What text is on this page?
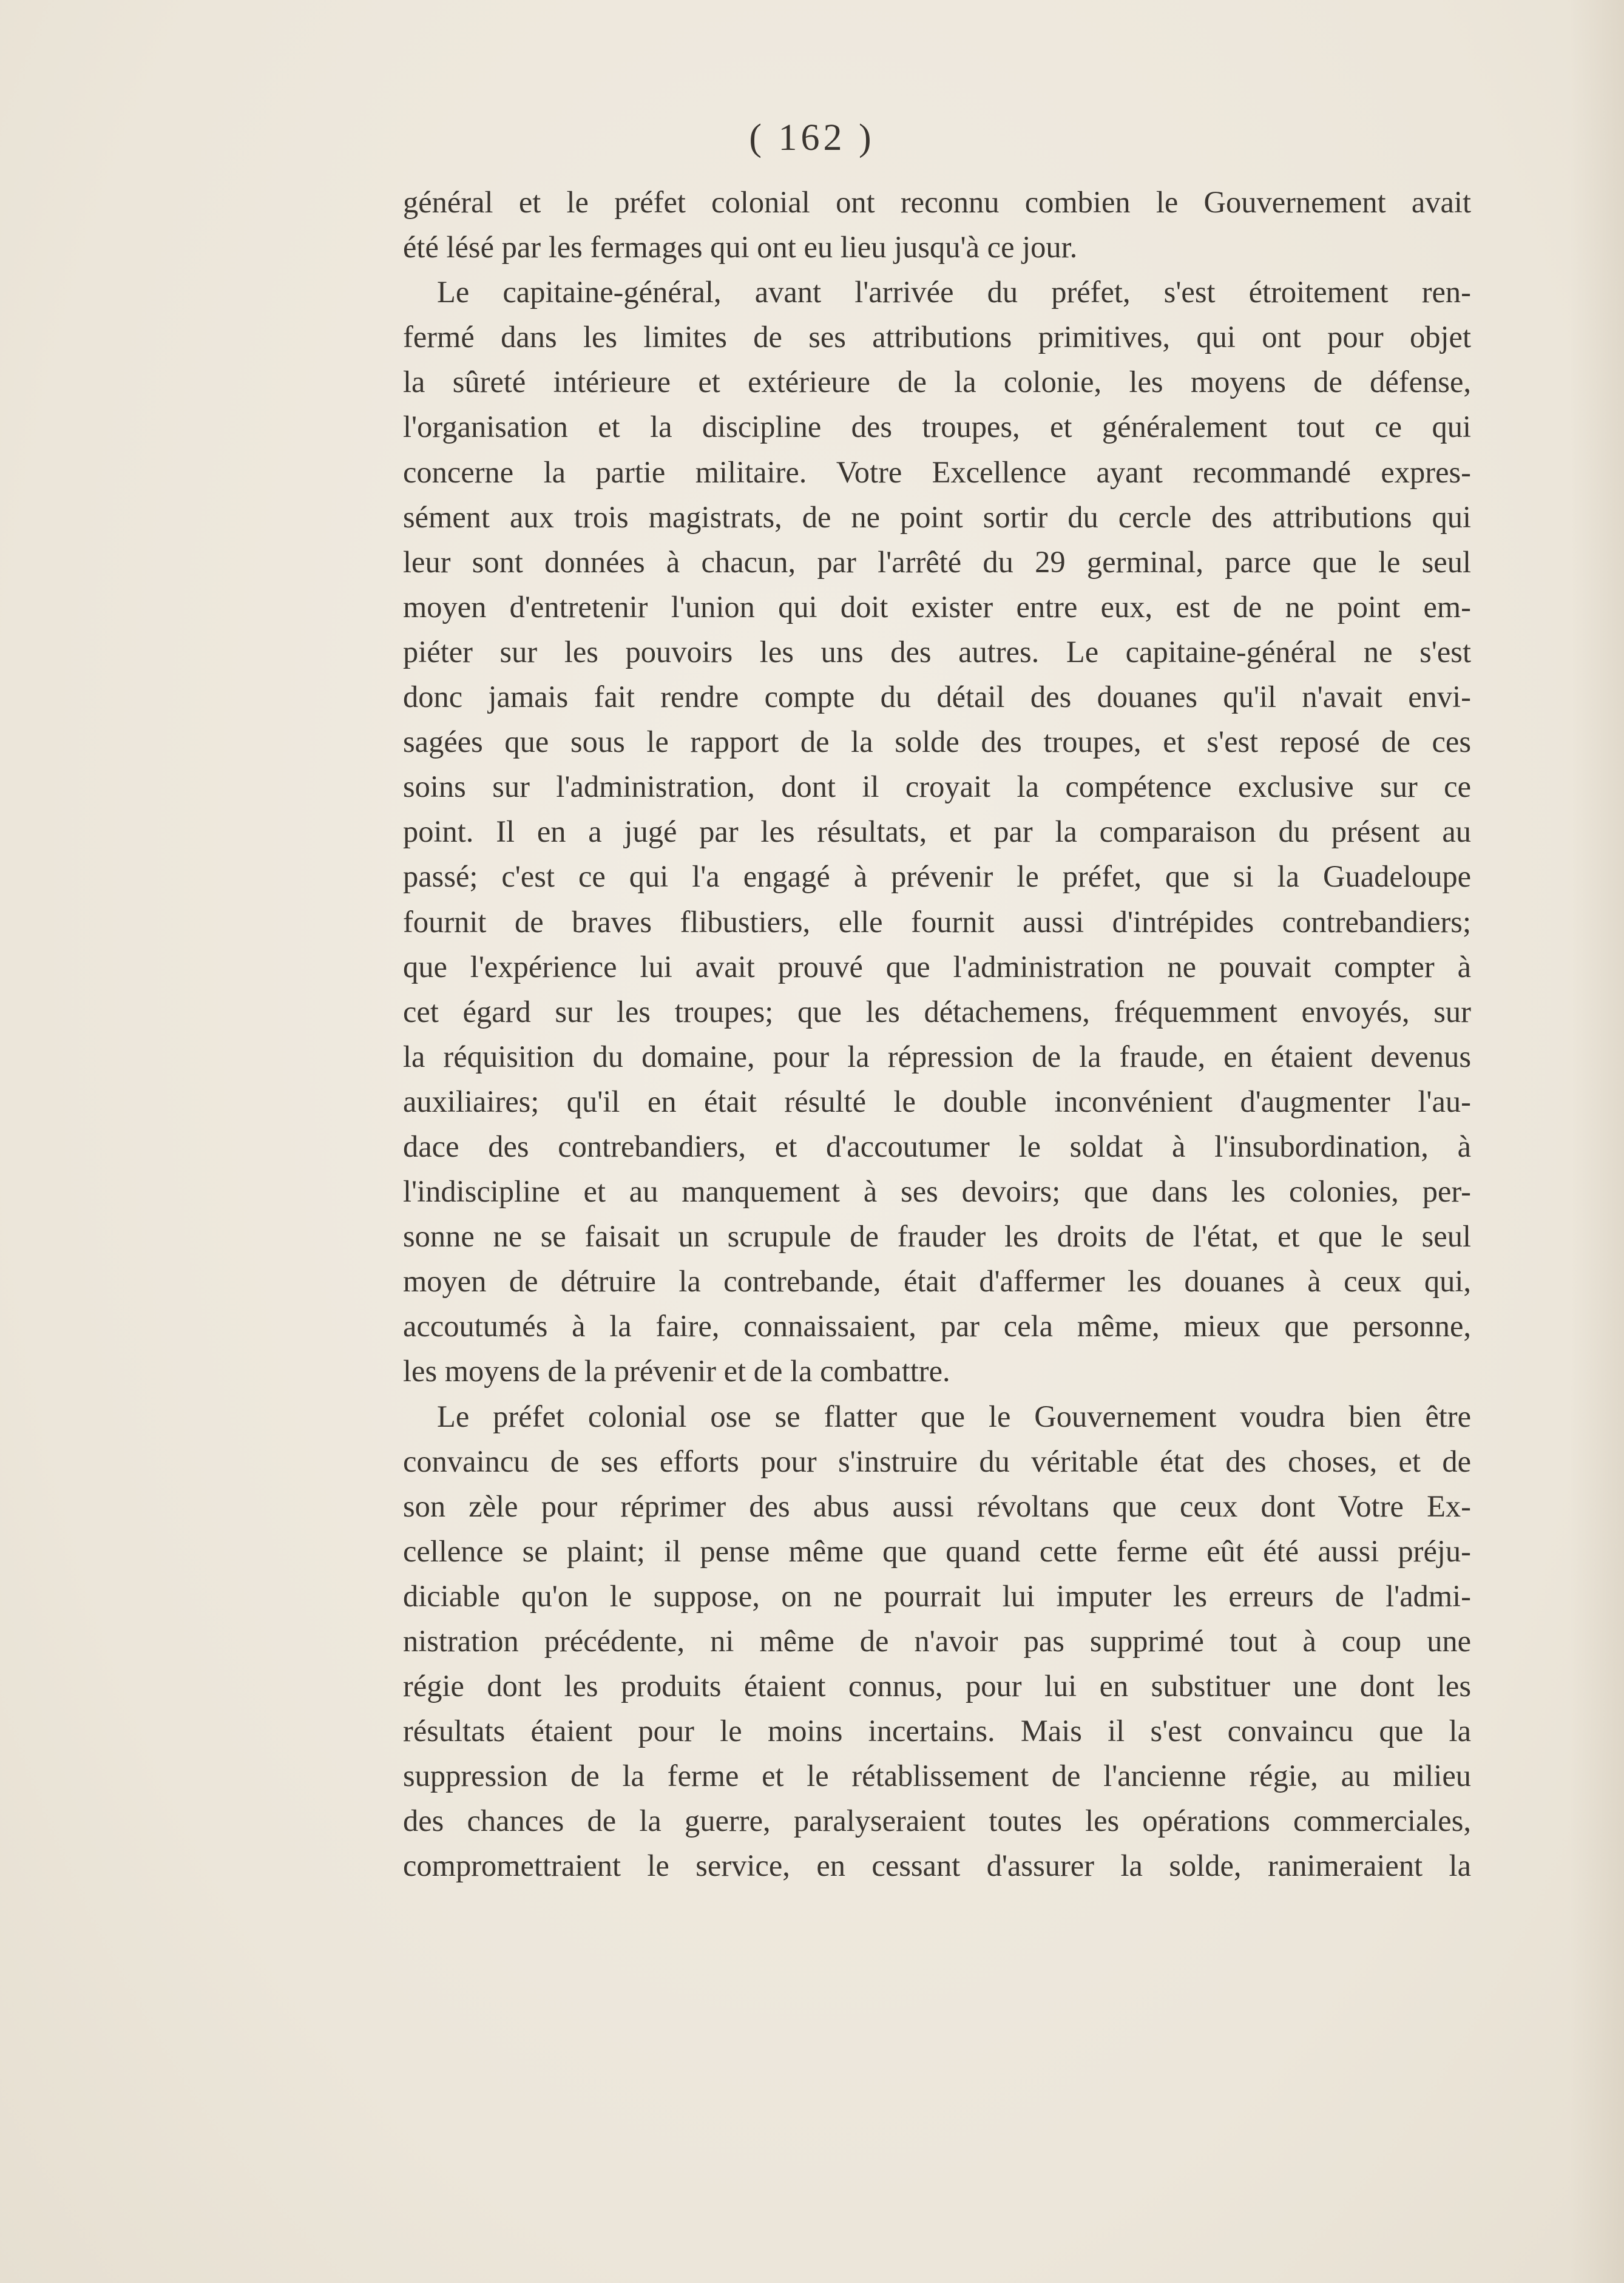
( 162 )
général et le préfet colonial ont reconnu combien le Gouvernement avait
été lésé par les fermages qui ont eu lieu jusqu'à ce jour.
Le capitaine-général, avant l'arrivée du préfet, s'est étroitement ren-
fermé dans les limites de ses attributions primitives, qui ont pour objet
la sûreté intérieure et extérieure de la colonie, les moyens de défense,
l'organisation et la discipline des troupes, et généralement tout ce qui
concerne la partie militaire. Votre Excellence ayant recommandé expres-
sément aux trois magistrats, de ne point sortir du cercle des attributions qui
leur sont données à chacun, par l'arrêté du 29 germinal, parce que le seul
moyen d'entretenir l'union qui doit exister entre eux, est de ne point em-
piéter sur les pouvoirs les uns des autres. Le capitaine-général ne s'est
donc jamais fait rendre compte du détail des douanes qu'il n'avait envi-
sagées que sous le rapport de la solde des troupes, et s'est reposé de ces
soins sur l'administration, dont il croyait la compétence exclusive sur ce
point. Il en a jugé par les résultats, et par la comparaison du présent au
passé; c'est ce qui l'a engagé à prévenir le préfet, que si la Guadeloupe
fournit de braves flibustiers, elle fournit aussi d'intrépides contrebandiers;
que l'expérience lui avait prouvé que l'administration ne pouvait compter à
cet égard sur les troupes; que les détachemens, fréquemment envoyés, sur
la réquisition du domaine, pour la répression de la fraude, en étaient devenus
auxiliaires; qu'il en était résulté le double inconvénient d'augmenter l'au-
dace des contrebandiers, et d'accoutumer le soldat à l'insubordination, à
l'indiscipline et au manquement à ses devoirs; que dans les colonies, per-
sonne ne se faisait un scrupule de frauder les droits de l'état, et que le seul
moyen de détruire la contrebande, était d'affermer les douanes à ceux qui,
accoutumés à la faire, connaissaient, par cela même, mieux que personne,
les moyens de la prévenir et de la combattre.
Le préfet colonial ose se flatter que le Gouvernement voudra bien être
convaincu de ses efforts pour s'instruire du véritable état des choses, et de
son zèle pour réprimer des abus aussi révoltans que ceux dont Votre Ex-
cellence se plaint; il pense même que quand cette ferme eût été aussi préju-
diciable qu'on le suppose, on ne pourrait lui imputer les erreurs de l'admi-
nistration précédente, ni même de n'avoir pas supprimé tout à coup une
régie dont les produits étaient connus, pour lui en substituer une dont les
résultats étaient pour le moins incertains. Mais il s'est convaincu que la
suppression de la ferme et le rétablissement de l'ancienne régie, au milieu
des chances de la guerre, paralyseraient toutes les opérations commerciales,
compromettraient le service, en cessant d'assurer la solde, ranimeraient la
